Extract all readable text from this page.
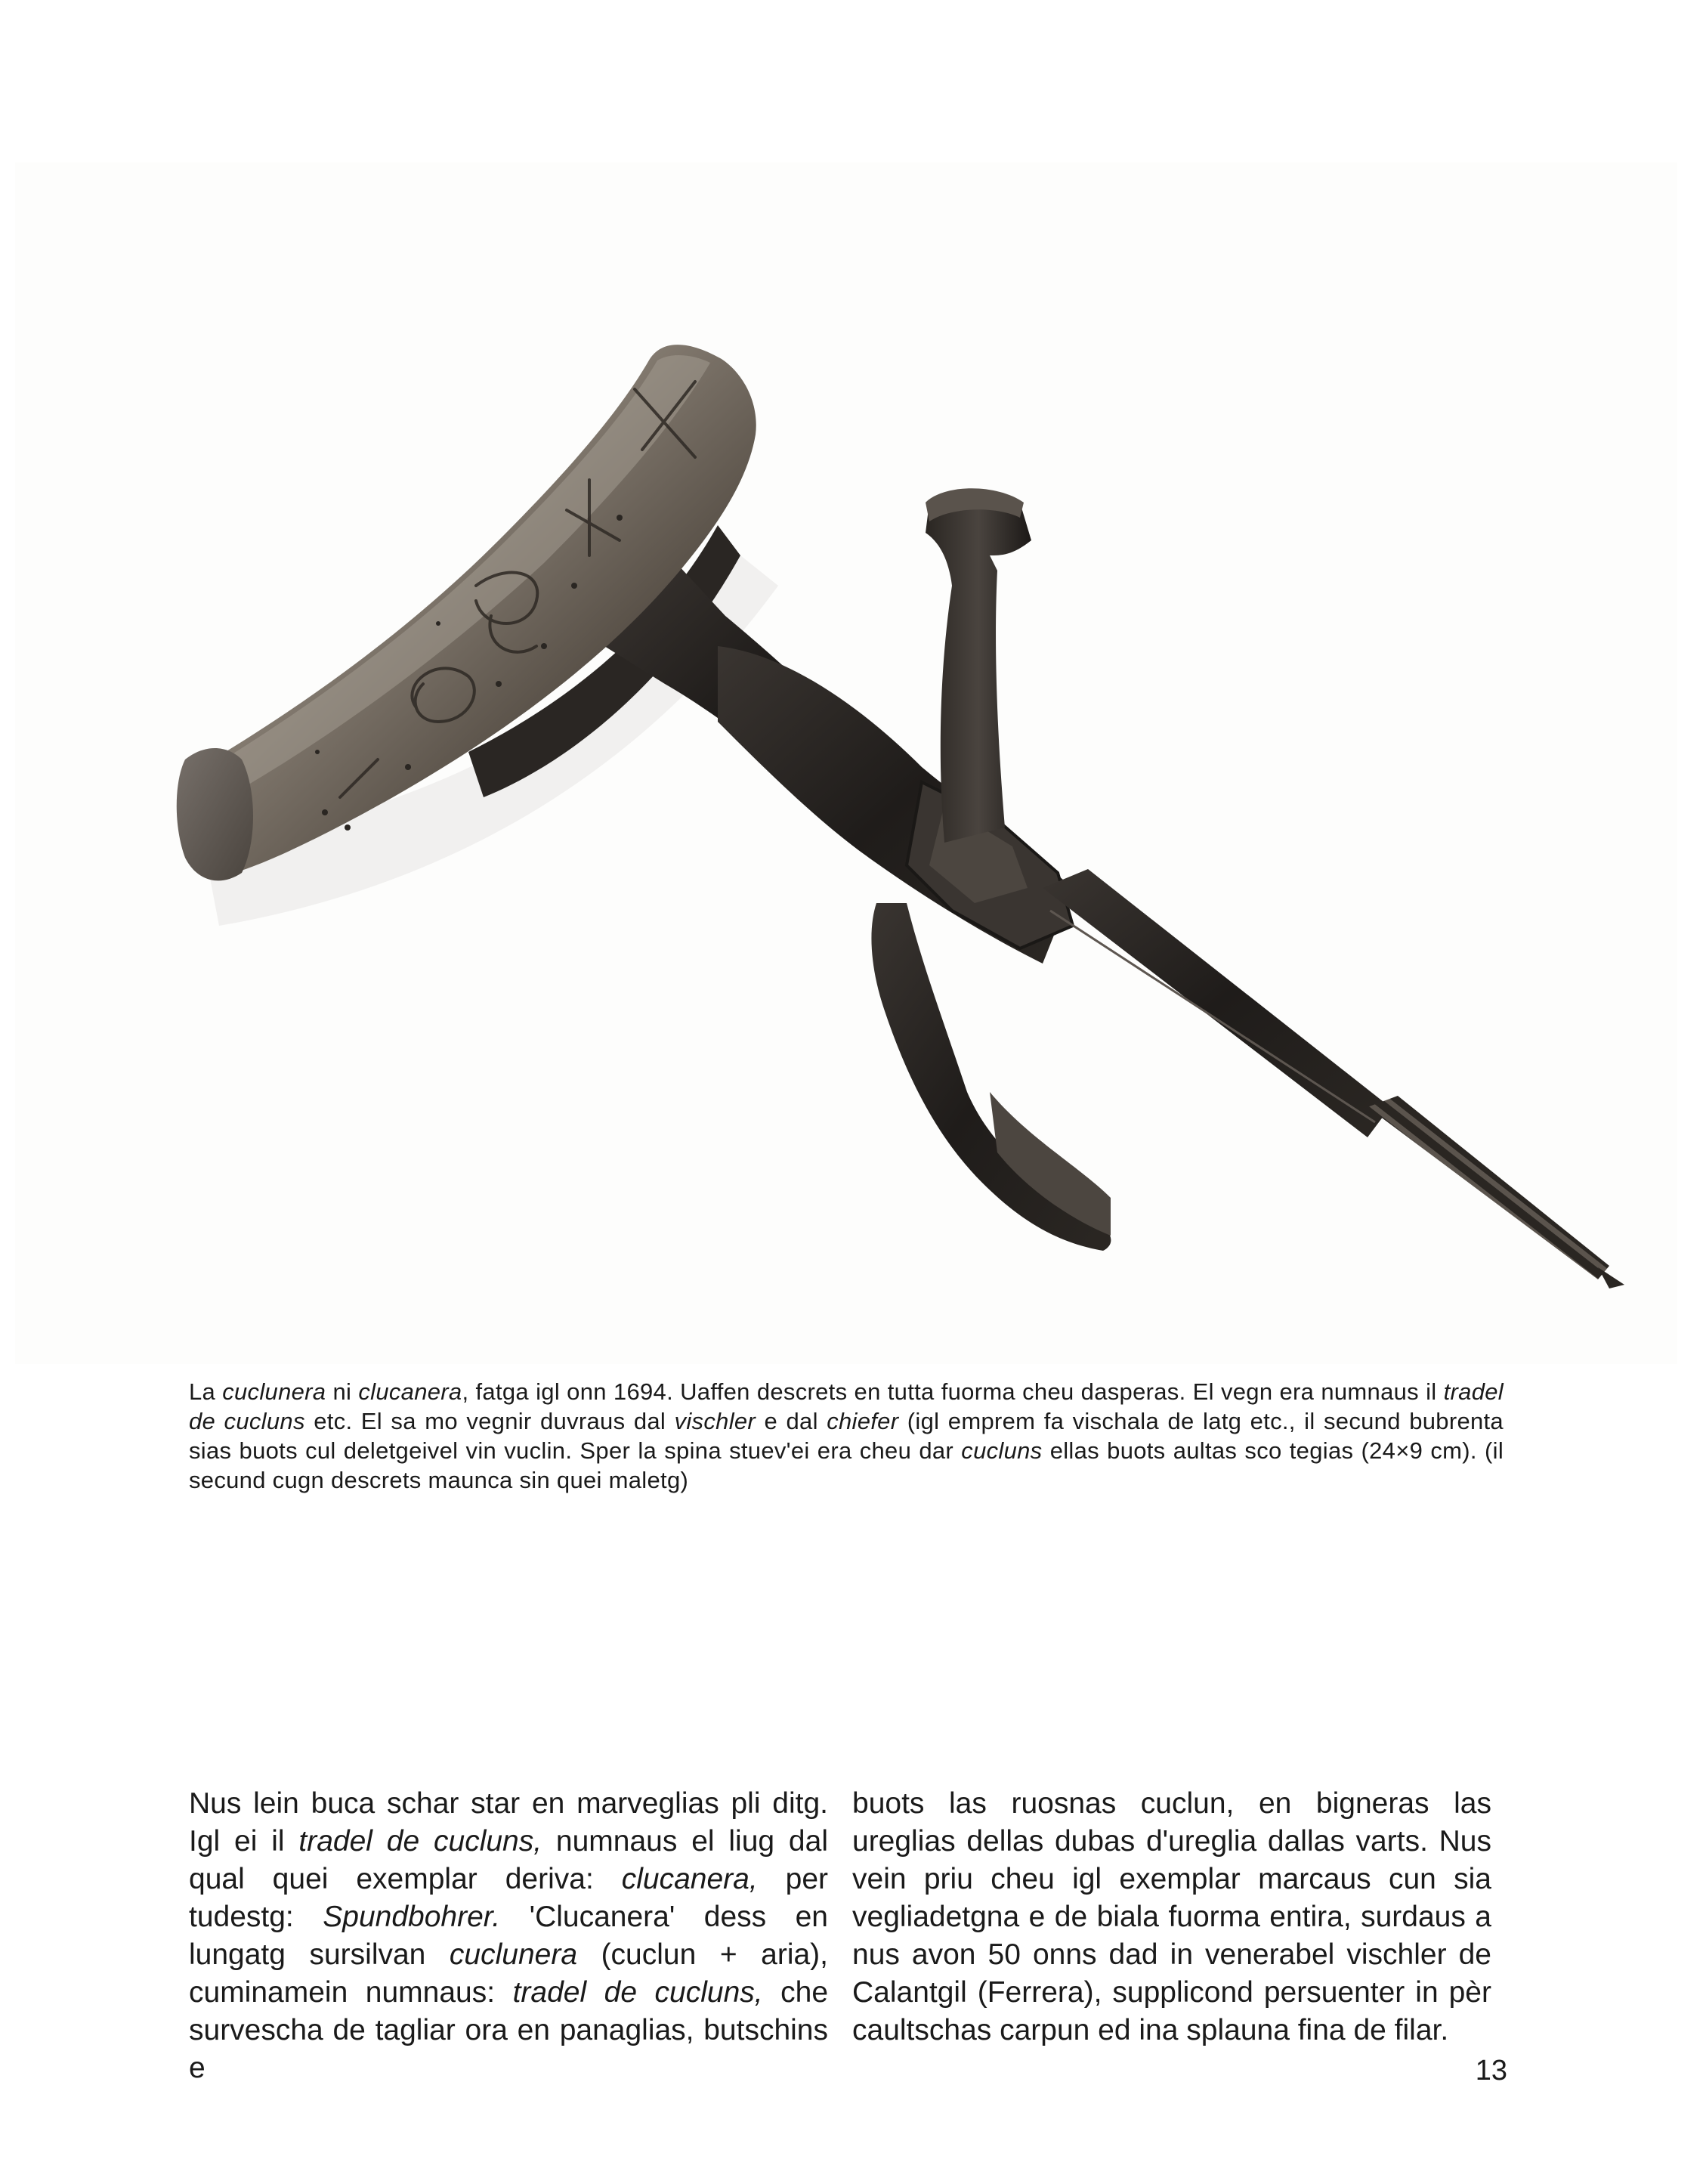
La cuclunera ni clucanera, fatga igl onn 1694. Uaffen descrets en tutta fuorma cheu dasperas. El vegn era numnaus il tradel de cucluns etc. El sa mo vegnir duvraus dal vischler e dal chiefer (igl emprem fa vischala de latg etc., il secund bubrenta sias buots cul deletgeivel vin vuclin. Sper la spina stuev'ei era cheu dar cucluns ellas buots aultas sco tegias (24×9 cm). (il secund cugn descrets maunca sin quei maletg)

Nus lein buca schar star en marveglias pli ditg. Igl ei il tradel de cucluns, numnaus el liug dal qual quei exemplar deriva: clucanera, per tudestg: Spundbohrer. 'Clucanera' dess en lungatg sursilvan cuclunera (cuclun + aria), cuminamein numnaus: tradel de cucluns, che survescha de tagliar ora en panaglias, butschins e

buots las ruosnas cuclun, en bigneras las ureglias dellas dubas d'ureglia dallas varts. Nus vein priu cheu igl exemplar marcaus cun sia vegliadetgna e de biala fuorma entira, surdaus a nus avon 50 onns dad in venerabel vischler de Calantgil (Ferrera), supplicond persuenter in pèr caultschas carpun ed ina splauna fina de filar.

13
